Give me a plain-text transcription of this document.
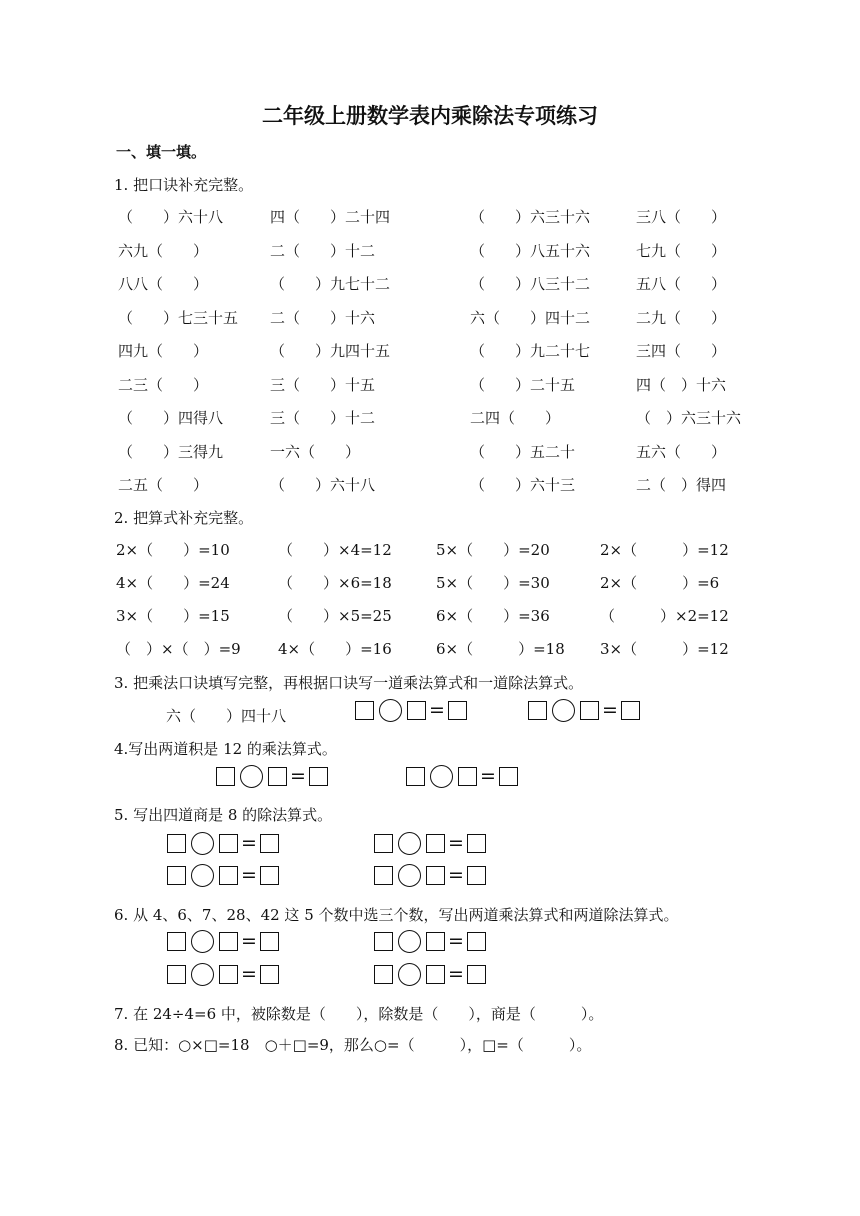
二年级上册数学表内乘除法专项练习
一、填一填。
1. 把口诀补充完整。
（　　）六十八	四（　　）二十四	（　　）六三十六	三八（　　）
六九（　　）	二（　　）十二	（　　）八五十六	七九（　　）
八八（　　）	（　　）九七十二	（　　）八三十二	五八（　　）
（　　）七三十五 二（　　）十六	六（　　）四十二	二九（　　）
四九（　　）	（　　）九四十五	（　　）九二十七	三四（　　）
二三（　　）	三（　　）十五	（　　）二十五	四（　）十六
（　　）四得八	三（　　）十二	二四（　　）	（　）六三十六
（　　）三得九	一六（　　）	（　　）五二十	五六（　　）
二五（　　）	（　　）六十八	（　　）六十三	二（　）得四
2. 把算式补充完整。
2×（　　）=10	（　　）×4=12	5×（　　）=20	2×（　　　）=12
4×（　　）=24	（　　）×6=18	5×（　　）=30	2×（　　　）=6
3×（　　）=15	（　　）×5=25	6×（　　）=36	（　　　）×2=12
（　）×（　）=9 4×（　　）=16	6×（　　　）=18 3×（　　　）=12
3. 把乘法口诀填写完整，再根据口诀写一道乘法算式和一道除法算式。
六（　　）四十八	=	=
4.写出两道积是 12 的乘法算式。
=	=
5. 写出四道商是 8 的除法算式。
=	=
=	=
6. 从 4、6、7、28、42 这 5 个数中选三个数，写出两道乘法算式和两道除法算式。
=	=
=	=
7. 在 24÷4=6 中，被除数是（　　），除数是（　　），商是（　　　）。
8. 已知：○×□=18　○＋□=9，那么○=（　　　），□=（　　　）。
